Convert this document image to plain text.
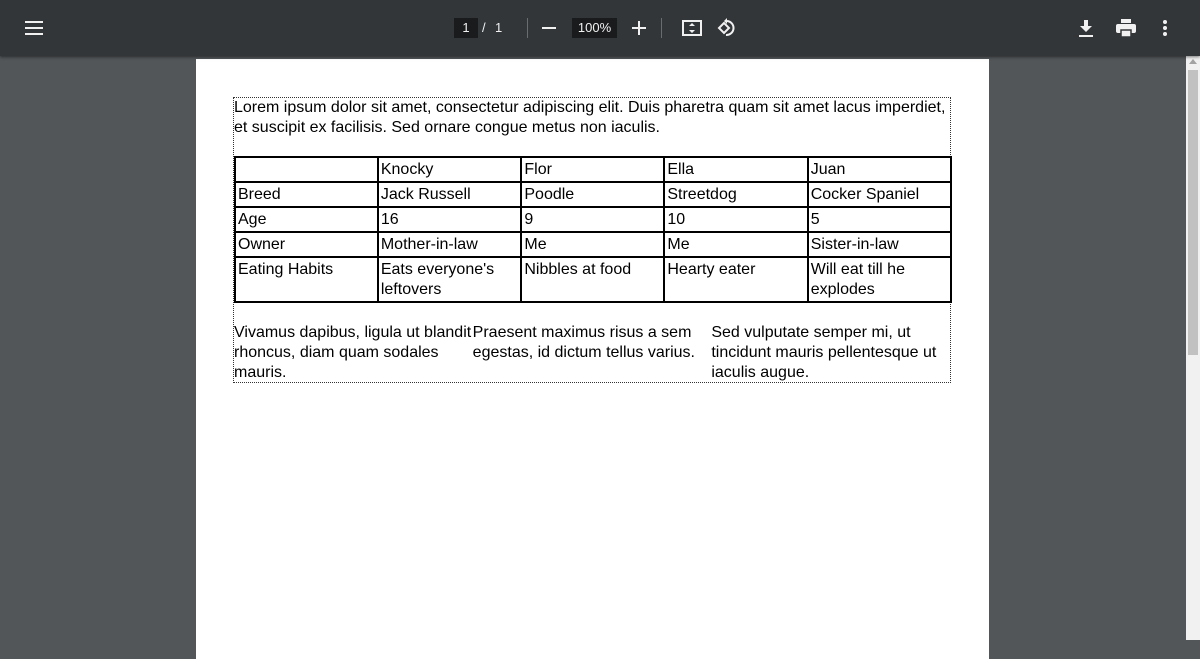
1 / 1	100%

Lorem ipsum dolor sit amet, consectetur adipiscing elit. Duis pharetra quam sit amet lacus imperdiet, et suscipit ex facilisis. Sed ornare congue metus non iaculis.

	Knocky	Flor	Ella	Juan
Breed	Jack Russell	Poodle	Streetdog	Cocker Spaniel
Age	16	9	10	5
Owner	Mother-in-law	Me	Me	Sister-in-law
Eating Habits	Eats everyone's leftovers	Nibbles at food	Hearty eater	Will eat till he explodes
Vivamus dapibus, ligula ut blandit rhoncus, diam quam sodales mauris.
Praesent maximus risus a sem egestas, id dictum tellus varius.
Sed vulputate semper mi, ut tincidunt mauris pellentesque ut iaculis augue.
